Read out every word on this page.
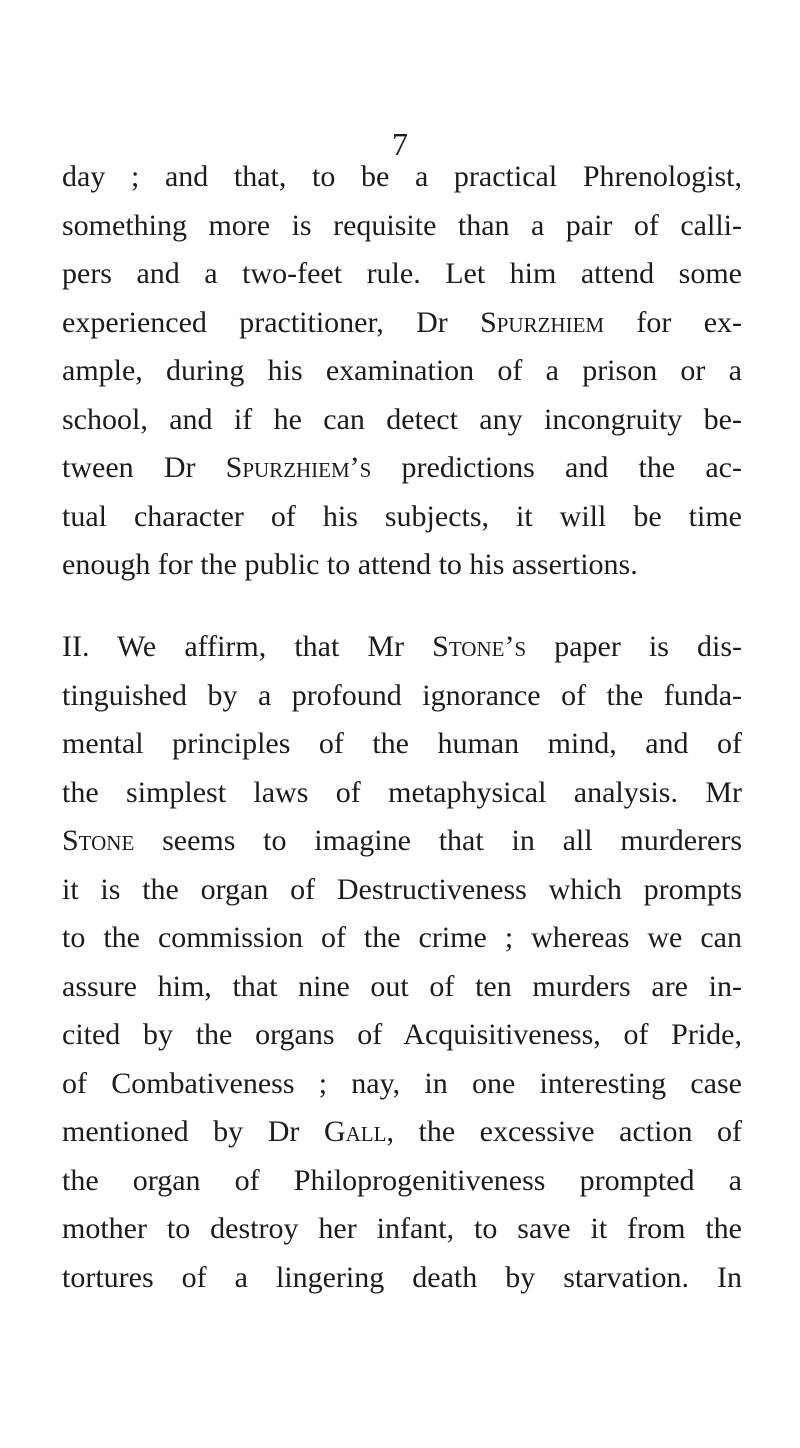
7
day ; and that, to be a practical Phrenologist,
something more is requisite than a pair of calli-
pers and a two-feet rule. Let him attend some
experienced practitioner, Dr Spurzhiem for ex-
ample, during his examination of a prison or a
school, and if he can detect any incongruity be-
tween Dr Spurzhiem’s predictions and the ac-
tual character of his subjects, it will be time
enough for the public to attend to his assertions.
II. We affirm, that Mr Stone’s paper is dis-
tinguished by a profound ignorance of the funda-
mental principles of the human mind, and of
the simplest laws of metaphysical analysis. Mr
Stone seems to imagine that in all murderers
it is the organ of Destructiveness which prompts
to the commission of the crime ; whereas we can
assure him, that nine out of ten murders are in-
cited by the organs of Acquisitiveness, of Pride,
of Combativeness ; nay, in one interesting case
mentioned by Dr Gall, the excessive action of
the organ of Philoprogenitiveness prompted a
mother to destroy her infant, to save it from the
tortures of a lingering death by starvation. In
